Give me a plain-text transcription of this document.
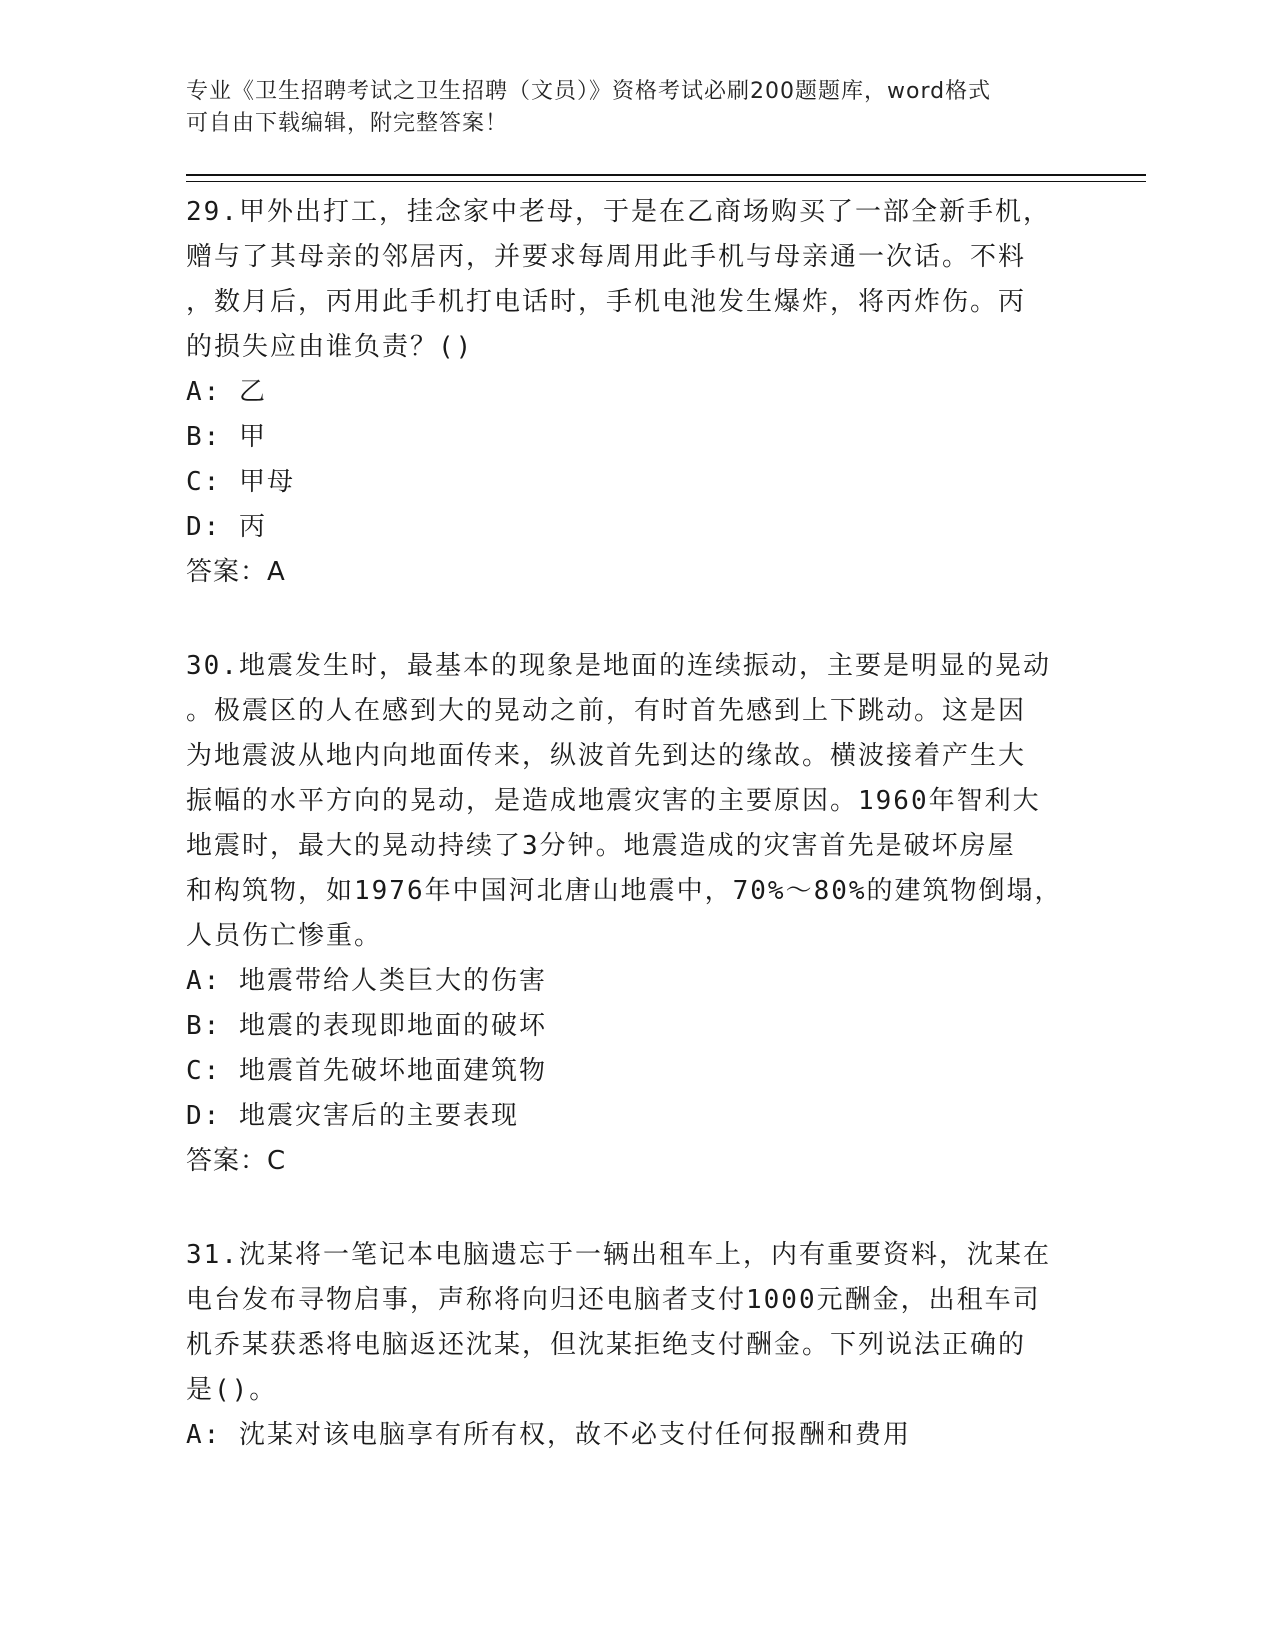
专业《卫生招聘考试之卫生招聘（文员）》资格考试必刷200题题库，word格式
可自由下载编辑，附完整答案！
29.甲外出打工，挂念家中老母，于是在乙商场购买了一部全新手机，
赠与了其母亲的邻居丙，并要求每周用此手机与母亲通一次话。不料
，数月后，丙用此手机打电话时，手机电池发生爆炸，将丙炸伤。丙
的损失应由谁负责？()
A: 乙
B: 甲
C: 甲母
D: 丙
答案：A
30.地震发生时，最基本的现象是地面的连续振动，主要是明显的晃动
。极震区的人在感到大的晃动之前，有时首先感到上下跳动。这是因
为地震波从地内向地面传来，纵波首先到达的缘故。横波接着产生大
振幅的水平方向的晃动，是造成地震灾害的主要原因。1960年智利大
地震时，最大的晃动持续了3分钟。地震造成的灾害首先是破坏房屋
和构筑物，如1976年中国河北唐山地震中，70%～80%的建筑物倒塌，
人员伤亡惨重。
A: 地震带给人类巨大的伤害
B: 地震的表现即地面的破坏
C: 地震首先破坏地面建筑物
D: 地震灾害后的主要表现
答案：C
31.沈某将一笔记本电脑遗忘于一辆出租车上，内有重要资料，沈某在
电台发布寻物启事，声称将向归还电脑者支付1000元酬金，出租车司
机乔某获悉将电脑返还沈某，但沈某拒绝支付酬金。下列说法正确的
是()。
A: 沈某对该电脑享有所有权，故不必支付任何报酬和费用
